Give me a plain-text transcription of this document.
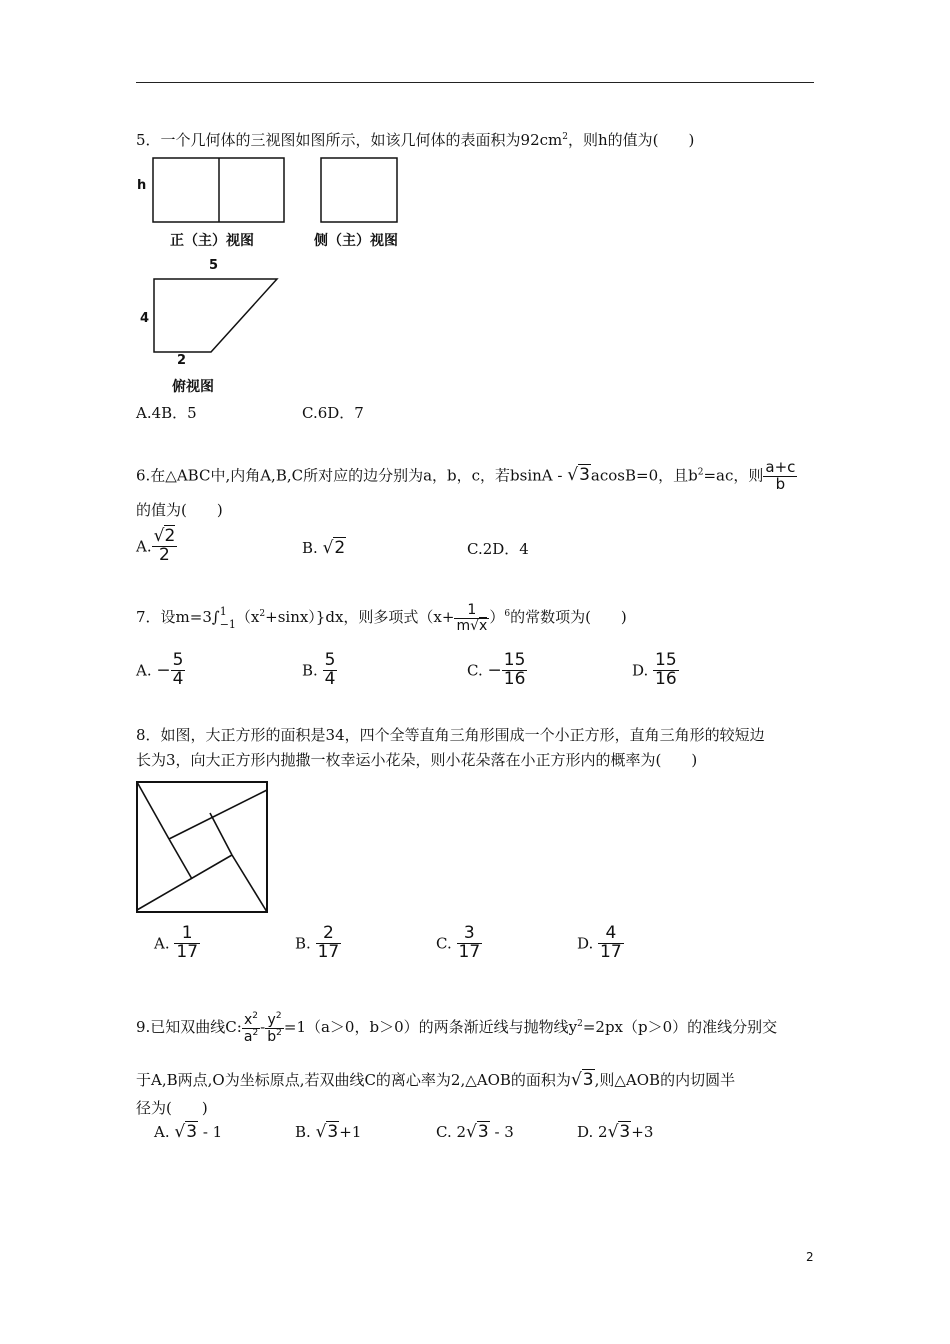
5．一个几何体的三视图如图所示，如该几何体的表面积为$92cm^2$，则h的值为(　　)
h
正（主）视图	侧（主）视图
5
4
2
俯视图
A.4B．5	C.6D．7
6.在△ABC中,内角A,B,C所对应的边分别为a，b，c，若bsinA - √3acosB=0，且$b^2=ac$，则 $\frac{a+c}{b}$
的值为(　　)
A. $\frac{√2}{2}$	B. √2	C.2D．4
7．设m=3∫ 1
−1 $(x^2+\sin x)\}dx$，则多项式$(x+ \frac{1}{m√x} )^6$的常数项为(　　)
A. − $\frac{5}{4}$	B. $\frac{5}{4}$	C. − $\frac{15}{16}$	D. $\frac{15}{16}$
8．如图，大正方形的面积是34，四个全等直角三角形围成一个小正方形，直角三角形的较短边
长为3，向大正方形内抛撒一枚幸运小花朵，则小花朵落在小正方形内的概率为(　　)
A. $\frac{1}{17}$	B. $\frac{2}{17}$	C. $\frac{3}{17}$	D. $\frac{4}{17}$
9.已知双曲线C: $\frac{x^2}{a^2} - \frac{y^2}{b^2} =1(a>0$，b＞0）的两条渐近线与抛物线$y^2=2px(p>0)$的准线分别交
于A,B两点,O为坐标原点,若双曲线C的离心率为2,△AOB的面积为√3,则△AOB的内切圆半
径为(　　)
A. √3 - 1	B. √3+1	C. 2√3 - 3	D. 2√3+3
2
